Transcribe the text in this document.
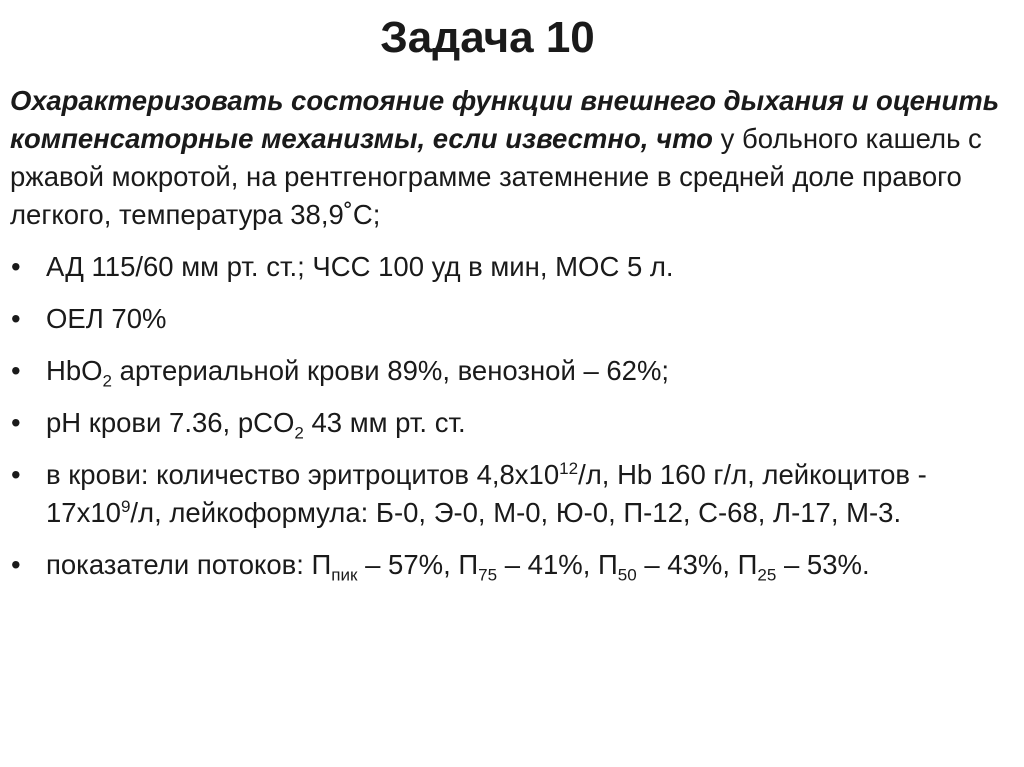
Задача 10

Охарактеризовать состояние функции внешнего дыхания и оценить компенсаторные механизмы, если известно, что у больного кашель с ржавой мокротой, на рентгенограмме затемнение в средней доле правого легкого, температура 38,9˚С;

• АД 115/60 мм рт. ст.; ЧСС 100 уд в мин, МОС 5 л.
• ОЕЛ 70%
• HbO$_2$ артериальной крови 89%, венозной – 62%;
• pH крови 7.36, pCO$_2$ 43 мм рт. ст.
• в крови: количество эритроцитов $4,8х10^{12}/л$, Hb 160 г/л, лейкоцитов - $17х10^9/л$, лейкоформула: Б-0, Э-0, М-0, Ю-0, П-12, С-68, Л-17, М-3.
• показатели потоков: $П_{пик} - 57\%$, $П_{75} - 41\%$, $П_{50} - 43\%$, $П_{25} - 53\%$.
